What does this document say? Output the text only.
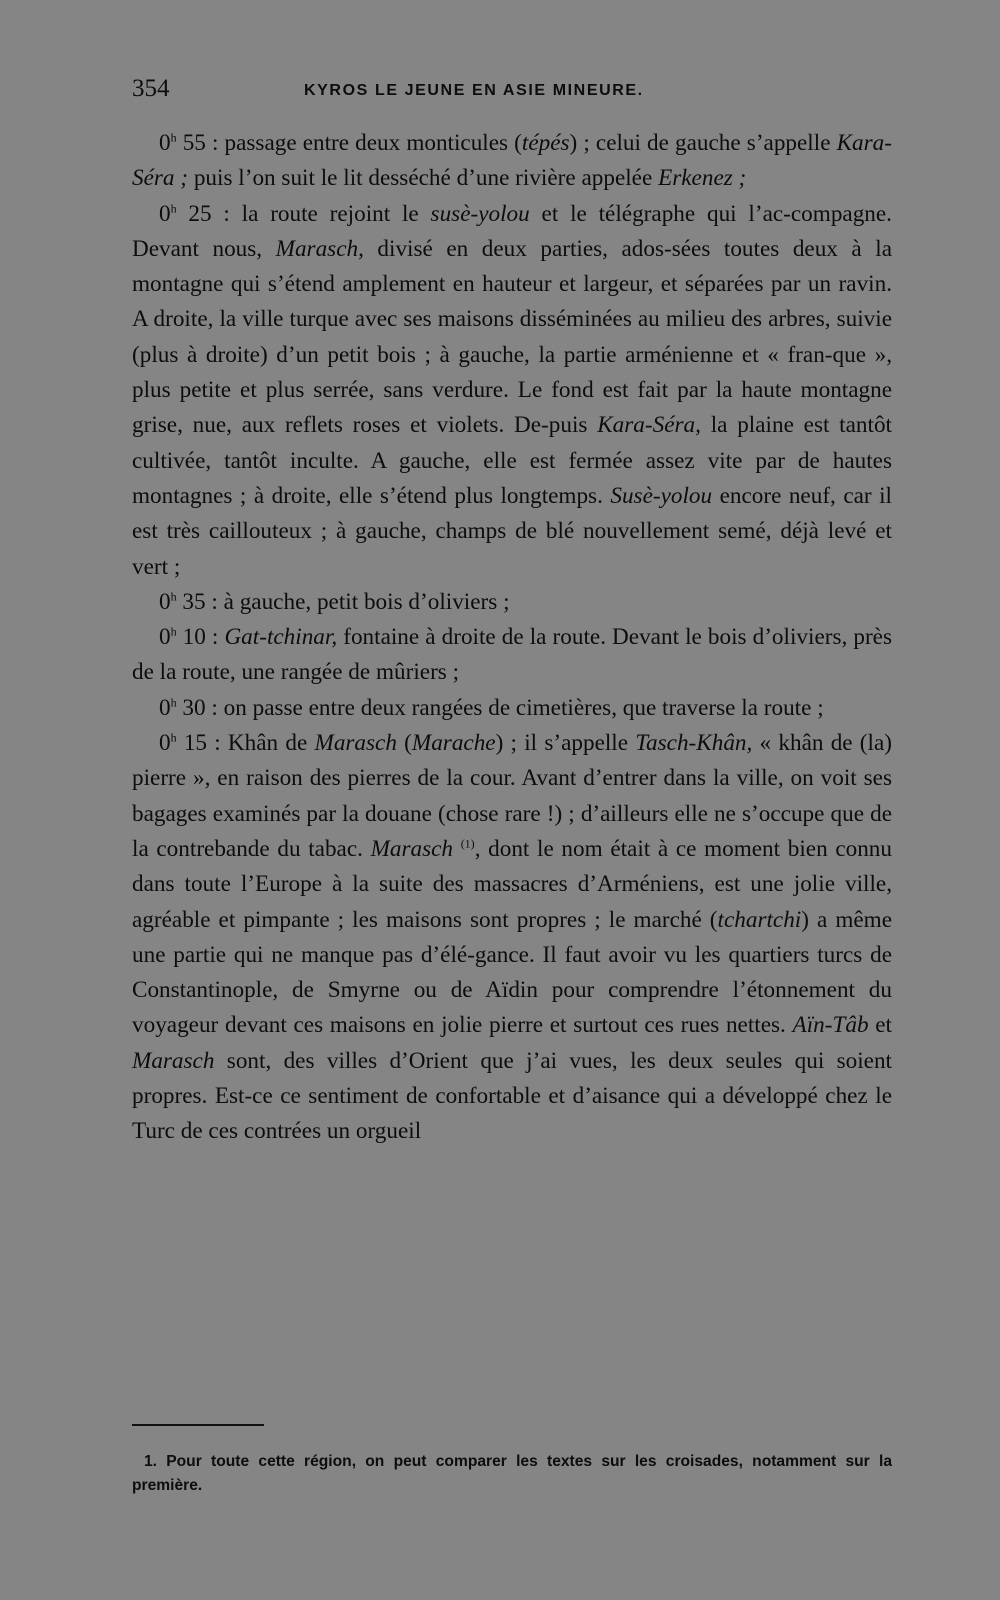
354	KYROS LE JEUNE EN ASIE MINEURE.

0$^h$ 55 : passage entre deux monticules (tépés) ; celui de gauche s’appelle Kara-Séra ; puis l’on suit le lit desséché d’une rivière appelée Erkenez ;

0$^h$ 25 : la route rejoint le susè-yolou et le télégraphe qui l’ac-compagne. Devant nous, Marasch, divisé en deux parties, ados-sées toutes deux à la montagne qui s’étend amplement en hauteur et largeur, et séparées par un ravin. A droite, la ville turque avec ses maisons disséminées au milieu des arbres, suivie (plus à droite) d’un petit bois ; à gauche, la partie arménienne et « fran-que », plus petite et plus serrée, sans verdure. Le fond est fait par la haute montagne grise, nue, aux reflets roses et violets. De-puis Kara-Séra, la plaine est tantôt cultivée, tantôt inculte. A gauche, elle est fermée assez vite par de hautes montagnes ; à droite, elle s’étend plus longtemps. Susè-yolou encore neuf, car il est très caillouteux ; à gauche, champs de blé nouvellement semé, déjà levé et vert ;

0$^h$ 35 : à gauche, petit bois d’oliviers ;

0$^h$ 10 : Gat-tchinar, fontaine à droite de la route. Devant le bois d’oliviers, près de la route, une rangée de mûriers ;

0$^h$ 30 : on passe entre deux rangées de cimetières, que traverse la route ;

0$^h$ 15 : Khân de Marasch (Marache) ; il s’appelle Tasch-Khân, « khân de (la) pierre », en raison des pierres de la cour. Avant d’entrer dans la ville, on voit ses bagages examinés par la douane (chose rare !) ; d’ailleurs elle ne s’occupe que de la contrebande du tabac. Marasch $^{(1)}$, dont le nom était à ce moment bien connu dans toute l’Europe à la suite des massacres d’Arméniens, est une jolie ville, agréable et pimpante ; les maisons sont propres ; le marché (tchartchi) a même une partie qui ne manque pas d’élé-gance. Il faut avoir vu les quartiers turcs de Constantinople, de Smyrne ou de Aïdin pour comprendre l’étonnement du voyageur devant ces maisons en jolie pierre et surtout ces rues nettes. Aïn-Tâb et Marasch sont, des villes d’Orient que j’ai vues, les deux seules qui soient propres. Est-ce ce sentiment de confortable et d’aisance qui a développé chez le Turc de ces contrées un orgueil

1. Pour toute cette région, on peut comparer les textes sur les croisades, notamment sur la première.
